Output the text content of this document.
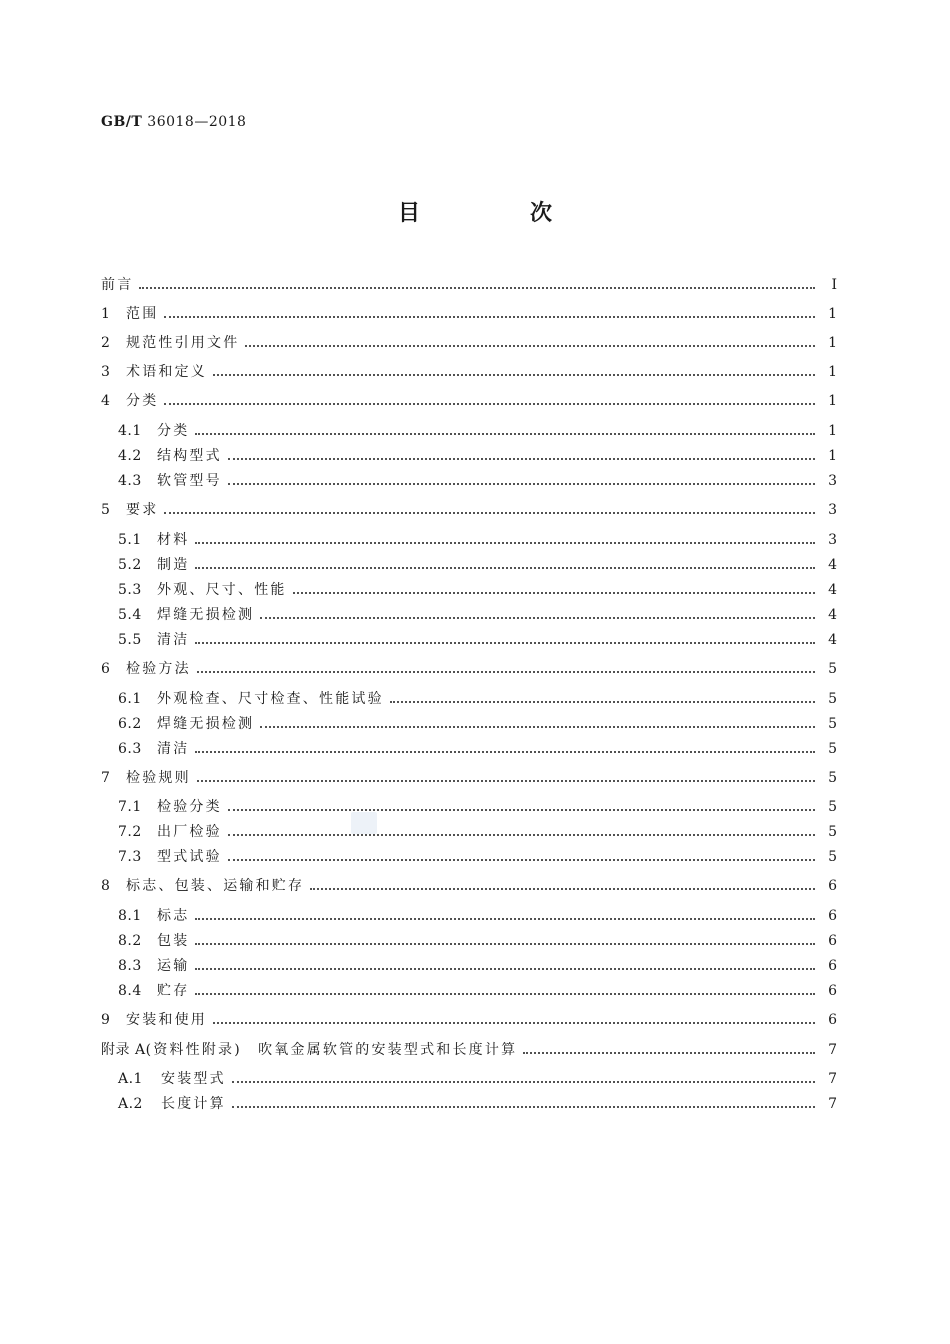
GB/T 36018—2018
目　次
前言	Ⅰ
1	范围	1
2	规范性引用文件	1
3	术语和定义	1
4	分类	1
4.1	分类	1
4.2	结构型式	1
4.3	软管型号	3
5	要求	3
5.1	材料	3
5.2	制造	4
5.3	外观、尺寸、性能	4
5.4	焊缝无损检测	4
5.5	清洁	4
6	检验方法	5
6.1	外观检查、尺寸检查、性能试验	5
6.2	焊缝无损检测	5
6.3	清洁	5
7	检验规则	5
7.1	检验分类	5
7.2	出厂检验	5
7.3	型式试验	5
8	标志、包装、运输和贮存	6
8.1	标志	6
8.2	包装	6
8.3	运输	6
8.4	贮存	6
9	安装和使用	6
附录 A (资料性附录)　吹氧金属软管的安装型式和长度计算	7
A.1	安装型式	7
A.2	长度计算	7
